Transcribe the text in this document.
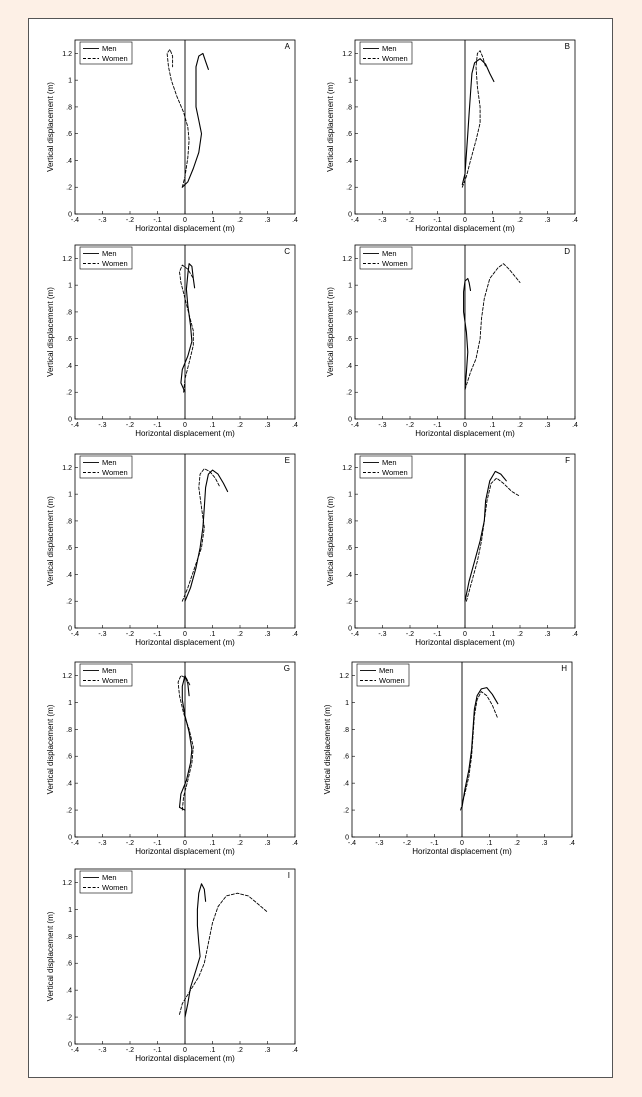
-.4	-.3	-.2	-.1	0	.1	.2	.3	.4
0
.2
.4
.6
.8
1
1.2
Horizontal displacement (m)
Vertical displacement (m)
A
Men
Women
-.4	-.3	-.2	-.1	0	.1	.2	.3	.4
0
.2
.4
.6
.8
1
1.2
Horizontal displacement (m)
Vertical displacement (m)
B
Men
Women
-.4	-.3	-.2	-.1	0	.1	.2	.3	.4
0
.2
.4
.6
.8
1
1.2
Horizontal displacement (m)
Vertical displacement (m)
C
Men
Women
-.4	-.3	-.2	-.1	0	.1	.2	.3	.4
0
.2
.4
.6
.8
1
1.2
Horizontal displacement (m)
Vertical displacement (m)
D
Men
Women
-.4	-.3	-.2	-.1	0	.1	.2	.3	.4
0
.2
.4
.6
.8
1
1.2
Horizontal displacement (m)
Vertical displacement (m)
E
Men
Women
-.4	-.3	-.2	-.1	0	.1	.2	.3	.4
0
.2
.4
.6
.8
1
1.2
Horizontal displacement (m)
Vertical displacement (m)
F
Men
Women
-.4	-.3	-.2	-.1	0	.1	.2	.3	.4
0
.2
.4
.6
.8
1
1.2
Horizontal displacement (m)
Vertical displacement (m)
G
Men
Women
-.4	-.3	-.2	-.1	0	.1	.2	.3	.4
0
.2
.4
.6
.8
1
1.2
Horizontal displacement (m)
Vertical displacement (m)
H
Men
Women
-.4	-.3	-.2	-.1	0	.1	.2	.3	.4
0
.2
.4
.6
.8
1
1.2
Horizontal displacement (m)
Vertical displacement (m)
I
Men
Women
